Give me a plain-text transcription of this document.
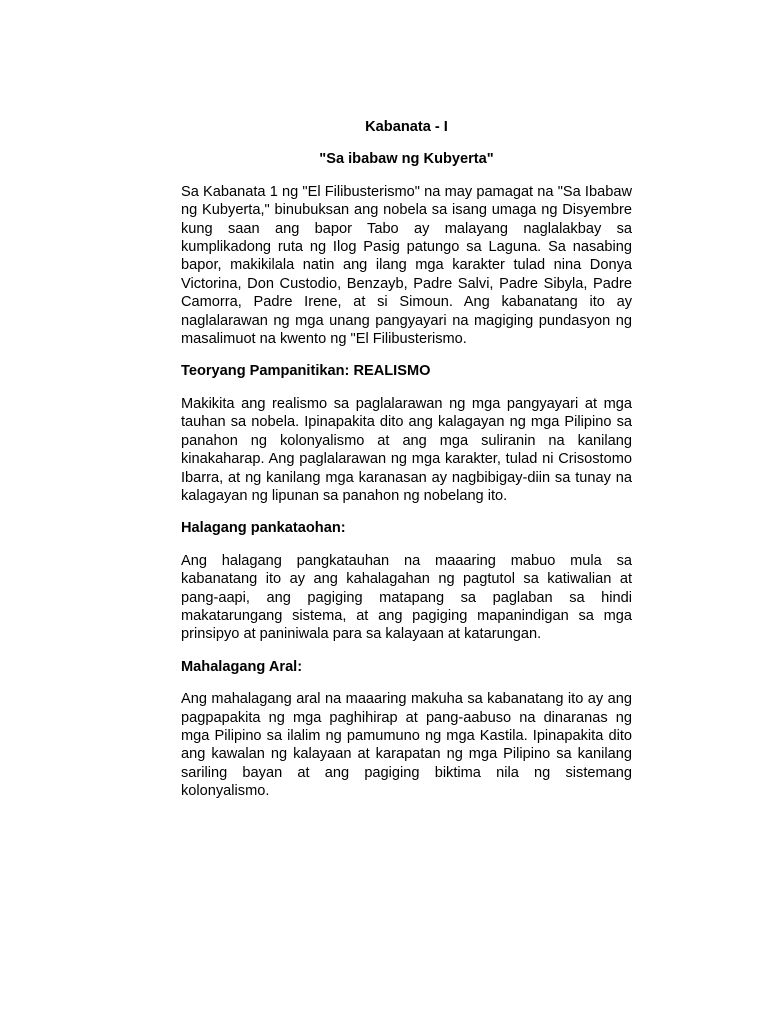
Kabanata - I

"Sa ibabaw ng Kubyerta"

Sa Kabanata 1 ng "El Filibusterismo" na may pamagat na "Sa Ibabaw ng Kubyerta," binubuksan ang nobela sa isang umaga ng Disyembre kung saan ang bapor Tabo ay malayang naglalakbay sa kumplikadong ruta ng Ilog Pasig patungo sa Laguna. Sa nasabing bapor, makikilala natin ang ilang mga karakter tulad nina Donya Victorina, Don Custodio, Benzayb, Padre Salvi, Padre Sibyla, Padre Camorra, Padre Irene, at si Simoun. Ang kabanatang ito ay naglalarawan ng mga unang pangyayari na magiging pundasyon ng masalimuot na kwento ng "El Filibusterismo.

Teoryang Pampanitikan: REALISMO

Makikita ang realismo sa paglalarawan ng mga pangyayari at mga tauhan sa nobela. Ipinapakita dito ang kalagayan ng mga Pilipino sa panahon ng kolonyalismo at ang mga suliranin na kanilang kinakaharap. Ang paglalarawan ng mga karakter, tulad ni Crisostomo Ibarra, at ng kanilang mga karanasan ay nagbibigay-diin sa tunay na kalagayan ng lipunan sa panahon ng nobelang ito.

Halagang pankataohan:

Ang halagang pangkatauhan na maaaring mabuo mula sa kabanatang ito ay ang kahalagahan ng pagtutol sa katiwalian at pang-aapi, ang pagiging matapang sa paglaban sa hindi makatarungang sistema, at ang pagiging mapanindigan sa mga prinsipyo at paniniwala para sa kalayaan at katarungan.

Mahalagang Aral:

Ang mahalagang aral na maaaring makuha sa kabanatang ito ay ang pagpapakita ng mga paghihirap at pang-aabuso na dinaranas ng mga Pilipino sa ilalim ng pamumuno ng mga Kastila. Ipinapakita dito ang kawalan ng kalayaan at karapatan ng mga Pilipino sa kanilang sariling bayan at ang pagiging biktima nila ng sistemang kolonyalismo.
